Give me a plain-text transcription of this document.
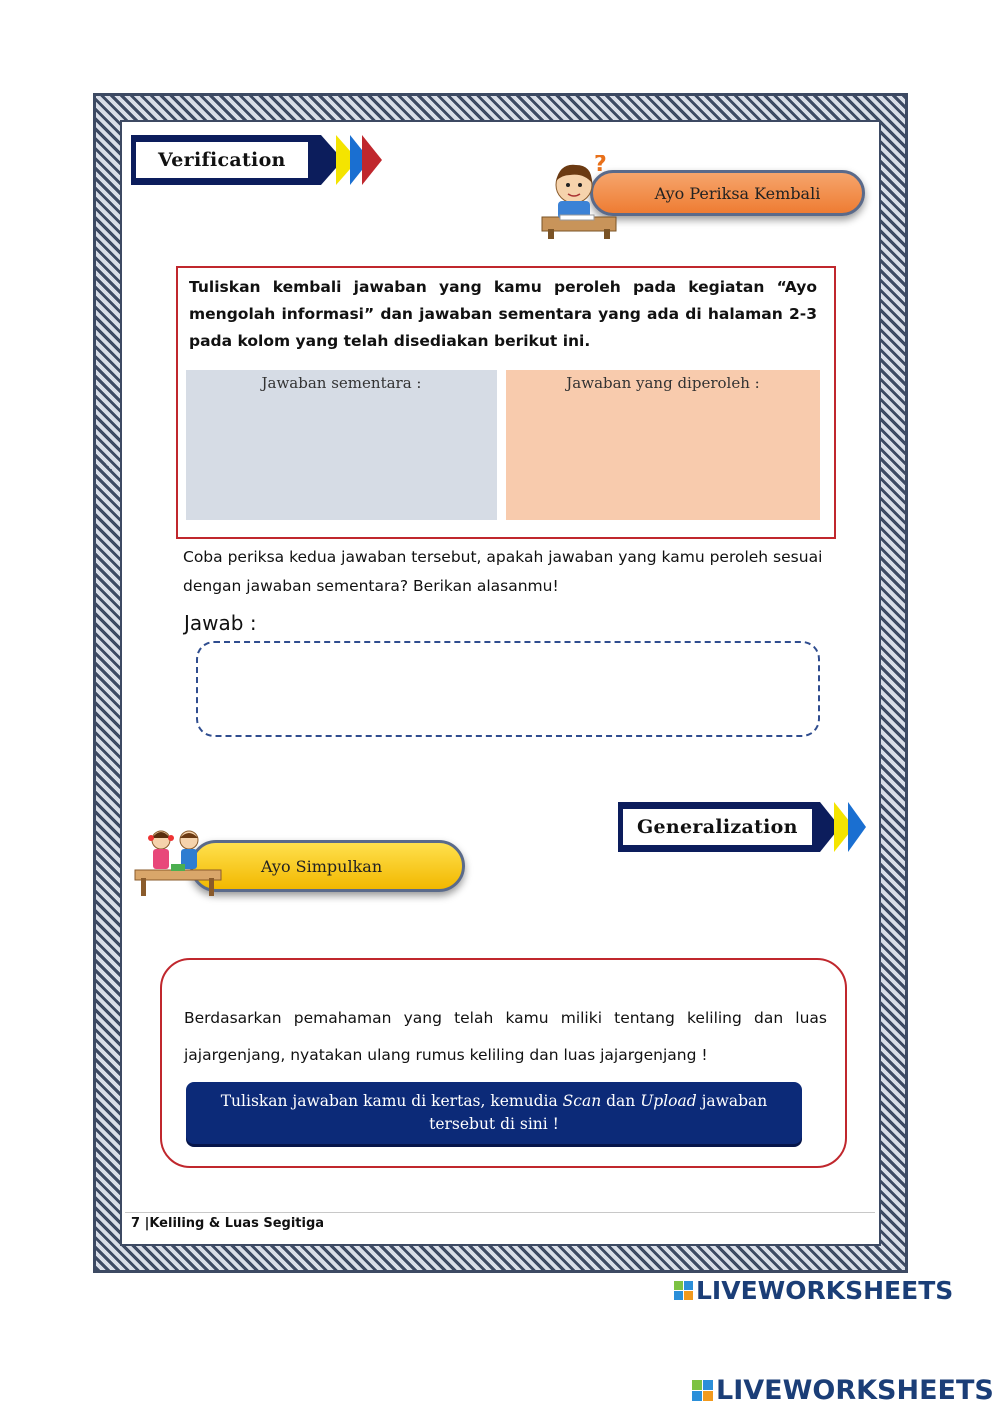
Verification
Ayo Periksa Kembali
?
Tuliskan kembali jawaban yang kamu peroleh pada kegiatan “Ayo mengolah informasi” dan jawaban sementara yang ada di halaman 2-3 pada kolom yang telah disediakan berikut ini.
Jawaban sementara :	Jawaban yang diperoleh :
Coba periksa kedua jawaban tersebut, apakah jawaban yang kamu peroleh sesuai dengan jawaban sementara? Berikan alasanmu!
Jawab :
Generalization
Ayo Simpulkan
Berdasarkan pemahaman yang telah kamu miliki tentang keliling dan luas jajargenjang, nyatakan ulang rumus keliling dan luas jajargenjang !
Tuliskan jawaban kamu di kertas, kemudia Scan dan Upload jawaban tersebut di sini !
7 |Keliling & Luas Segitiga
LIVEWORKSHEETS
LIVEWORKSHEETS
